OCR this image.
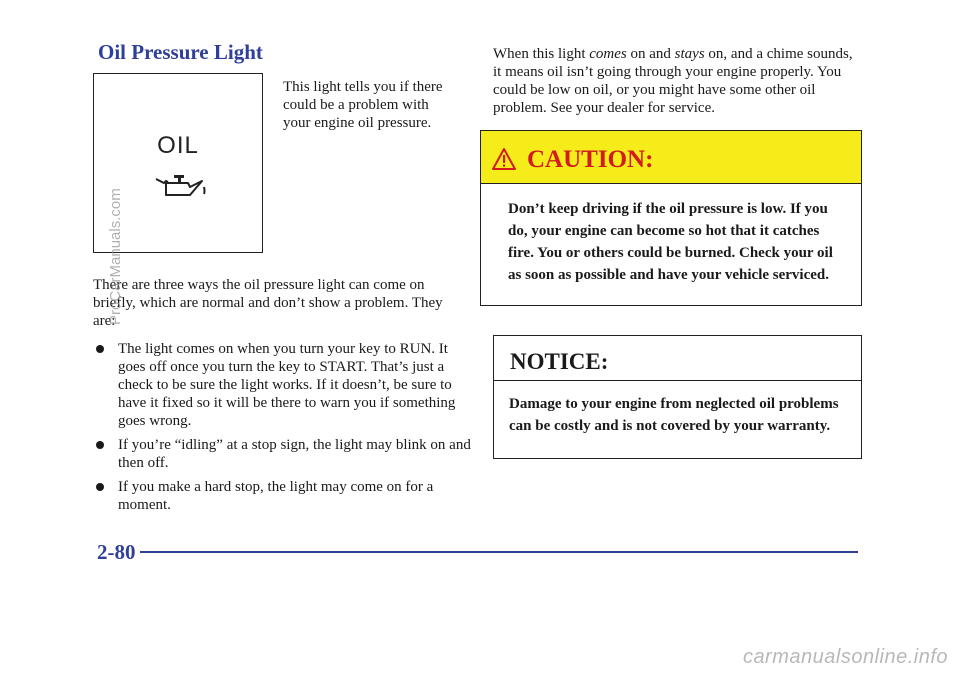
Oil Pressure Light
OIL

This light tells you if there could be a problem with your engine oil pressure.

There are three ways the oil pressure light can come on briefly, which are normal and don’t show a problem. They are:

The light comes on when you turn your key to RUN. It goes off once you turn the key to START. That’s just a check to be sure the light works. If it doesn’t, be sure to have it fixed so it will be there to warn you if something goes wrong.
If you’re “idling” at a stop sign, the light may blink on and then off.
If you make a hard stop, the light may come on for a moment.

When this light comes on and stays on, and a chime sounds, it means oil isn’t going through your engine properly. You could be low on oil, or you might have some other oil problem. See your dealer for service.

CAUTION:
Don’t keep driving if the oil pressure is low. If you do, your engine can become so hot that it catches fire. You or others could be burned. Check your oil as soon as possible and have your vehicle serviced.
NOTICE:
Damage to your engine from neglected oil problems can be costly and is not covered by your warranty.
2-80
ProCarManuals.com
carmanualsonline.info
